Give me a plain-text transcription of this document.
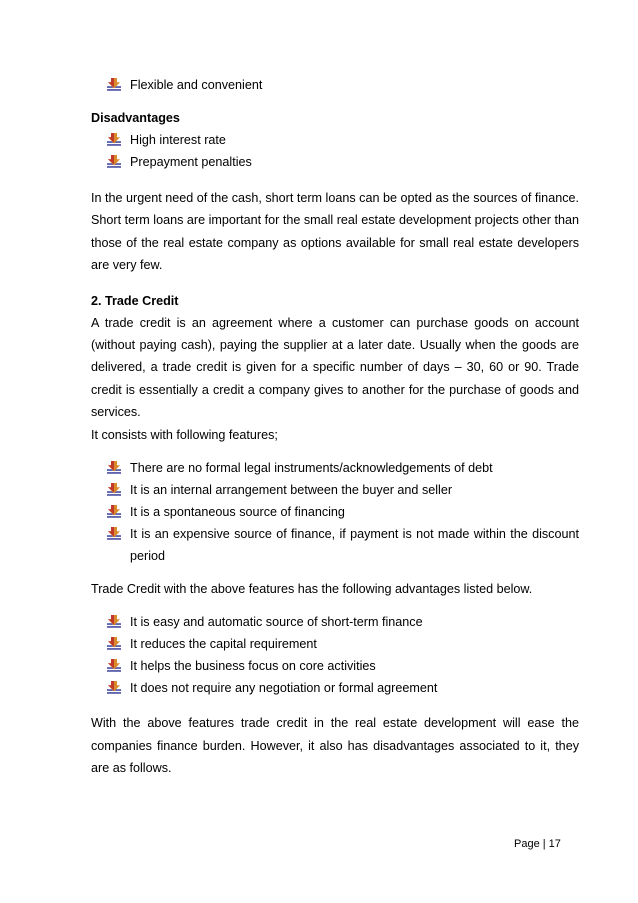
Flexible and convenient
Disadvantages
High interest rate
Prepayment penalties

In the urgent need of the cash, short term loans can be opted as the sources of finance. Short term loans are important for the small real estate development projects other than those of the real estate company as options available for small real estate developers are very few.

2. Trade Credit

A trade credit is an agreement where a customer can purchase goods on account (without paying cash), paying the supplier at a later date. Usually when the goods are delivered, a trade credit is given for a specific number of days – 30, 60 or 90. Trade credit is essentially a credit a company gives to another for the purchase of goods and services.

It consists with following features;

There are no formal legal instruments/acknowledgements of debt
It is an internal arrangement between the buyer and seller
It is a spontaneous source of financing
It is an expensive source of finance, if payment is not made within the discount period

Trade Credit with the above features has the following advantages listed below.

It is easy and automatic source of short-term finance
It reduces the capital requirement
It helps the business focus on core activities
It does not require any negotiation or formal agreement

With the above features trade credit in the real estate development will ease the companies finance burden. However, it also has disadvantages associated to it, they are as follows.

Page | 17
